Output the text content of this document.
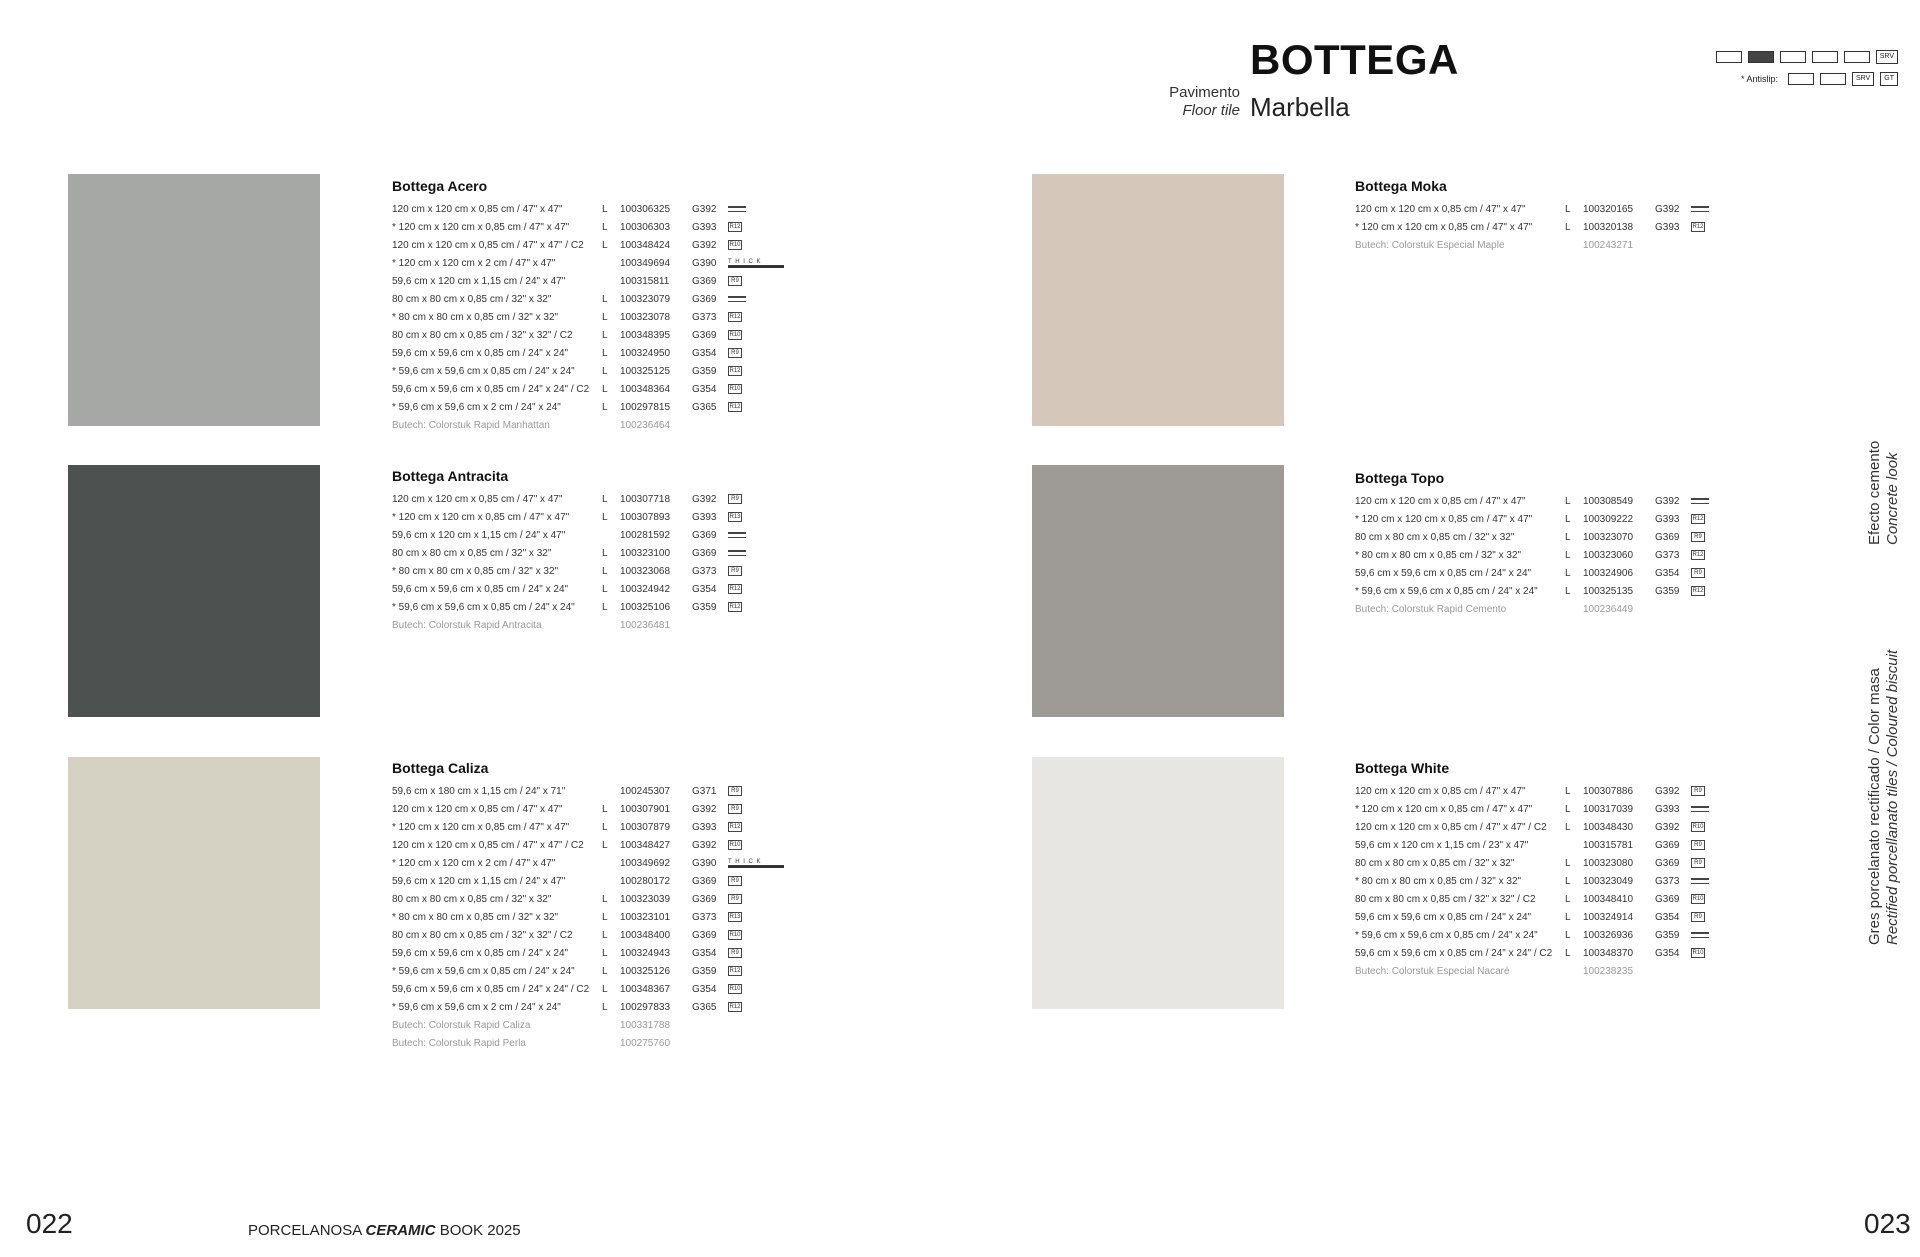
Pavimento
Floor tile
BOTTEGA
Marbella
SRV
* Antislip:	SRV	GT
Bottega Acero
120 cm x 120 cm x 0,85 cm / 47" x 47"	L	100306325	G392
* 120 cm x 120 cm x 0,85 cm / 47" x 47"	L	100306303	G393	R12
120 cm x 120 cm x 0,85 cm / 47" x 47" / C2	L	100348424	G392	R10
* 120 cm x 120 cm x 2 cm / 47" x 47"	100349694	G390	T H I C K
59,6 cm x 120 cm x 1,15 cm / 24" x 47"	100315811	G369	R9
80 cm x 80 cm x 0,85 cm / 32" x 32"	L	100323079	G369
* 80 cm x 80 cm x 0,85 cm / 32" x 32"	L	100323078	G373	R12
80 cm x 80 cm x 0,85 cm / 32" x 32" / C2	L	100348395	G369	R10
59,6 cm x 59,6 cm x 0,85 cm / 24" x 24"	L	100324950	G354	R9
* 59,6 cm x 59,6 cm x 0,85 cm / 24" x 24"	L	100325125	G359	R12
59,6 cm x 59,6 cm x 0,85 cm / 24" x 24" / C2	L	100348364	G354	R10
* 59,6 cm x 59,6 cm x 2 cm / 24" x 24"	L	100297815	G365	R12
Butech: Colorstuk Rapid Manhattan	100236464
Bottega Antracita
120 cm x 120 cm x 0,85 cm / 47" x 47"	L	100307718	G392	R9
* 120 cm x 120 cm x 0,85 cm / 47" x 47"	L	100307893	G393	R13
59,6 cm x 120 cm x 1,15 cm / 24" x 47"	100281592	G369
80 cm x 80 cm x 0,85 cm / 32" x 32"	L	100323100	G369
* 80 cm x 80 cm x 0,85 cm / 32" x 32"	L	100323068	G373	R9
59,6 cm x 59,6 cm x 0,85 cm / 24" x 24"	L	100324942	G354	R12
* 59,6 cm x 59,6 cm x 0,85 cm / 24" x 24"	L	100325106	G359	R12
Butech: Colorstuk Rapid Antracita	100236481
Bottega Caliza
59,6 cm x 180 cm x 1,15 cm / 24" x 71"	100245307	G371	R9
120 cm x 120 cm x 0,85 cm / 47" x 47"	L	100307901	G392	R9
* 120 cm x 120 cm x 0,85 cm / 47" x 47"	L	100307879	G393	R12
120 cm x 120 cm x 0,85 cm / 47" x 47" / C2	L	100348427	G392	R10
* 120 cm x 120 cm x 2 cm / 47" x 47"	100349692	G390	T H I C K
59,6 cm x 120 cm x 1,15 cm / 24" x 47"	100280172	G369	R9
80 cm x 80 cm x 0,85 cm / 32" x 32"	L	100323039	G369	R9
* 80 cm x 80 cm x 0,85 cm / 32" x 32"	L	100323101	G373	R13
80 cm x 80 cm x 0,85 cm / 32" x 32" / C2	L	100348400	G369	R10
59,6 cm x 59,6 cm x 0,85 cm / 24" x 24"	L	100324943	G354	R9
* 59,6 cm x 59,6 cm x 0,85 cm / 24" x 24"	L	100325126	G359	R12
59,6 cm x 59,6 cm x 0,85 cm / 24" x 24" / C2	L	100348367	G354	R10
* 59,6 cm x 59,6 cm x 2 cm / 24" x 24"	L	100297833	G365	R12
Butech: Colorstuk Rapid Caliza	100331788
Butech: Colorstuk Rapid Perla	100275760
Bottega Moka
120 cm x 120 cm x 0,85 cm / 47" x 47"	L	100320165	G392
* 120 cm x 120 cm x 0,85 cm / 47" x 47"	L	100320138	G393	R12
Butech: Colorstuk Especial Maple	100243271
Bottega Topo
120 cm x 120 cm x 0,85 cm / 47" x 47"	L	100308549	G392
* 120 cm x 120 cm x 0,85 cm / 47" x 47"	L	100309222	G393	R12
80 cm x 80 cm x 0,85 cm / 32" x 32"	L	100323070	G369	R9
* 80 cm x 80 cm x 0,85 cm / 32" x 32"	L	100323060	G373	R12
59,6 cm x 59,6 cm x 0,85 cm / 24" x 24"	L	100324906	G354	R9
* 59,6 cm x 59,6 cm x 0,85 cm / 24" x 24"	L	100325135	G359	R12
Butech: Colorstuk Rapid Cemento	100236449
Bottega White
120 cm x 120 cm x 0,85 cm / 47" x 47"	L	100307886	G392	R9
* 120 cm x 120 cm x 0,85 cm / 47" x 47"	L	100317039	G393
120 cm x 120 cm x 0,85 cm / 47" x 47" / C2	L	100348430	G392	R10
59,6 cm x 120 cm x 1,15 cm / 23" x 47"	100315781	G369	R9
80 cm x 80 cm x 0,85 cm / 32" x 32"	L	100323080	G369	R9
* 80 cm x 80 cm x 0,85 cm / 32" x 32"	L	100323049	G373
80 cm x 80 cm x 0,85 cm / 32" x 32" / C2	L	100348410	G369	R10
59,6 cm x 59,6 cm x 0,85 cm / 24" x 24"	L	100324914	G354	R9
* 59,6 cm x 59,6 cm x 0,85 cm / 24" x 24"	L	100326936	G359
59,6 cm x 59,6 cm x 0,85 cm / 24" x 24" / C2	L	100348370	G354	R10
Butech: Colorstuk Especial Nacaré	100238235
Efecto cemento Concrete look
Gres porcelanato rectificado / Color masa Rectified porcellanato tiles / Coloured biscuit
022	PORCELANOSA CERAMIC BOOK 2025	023
